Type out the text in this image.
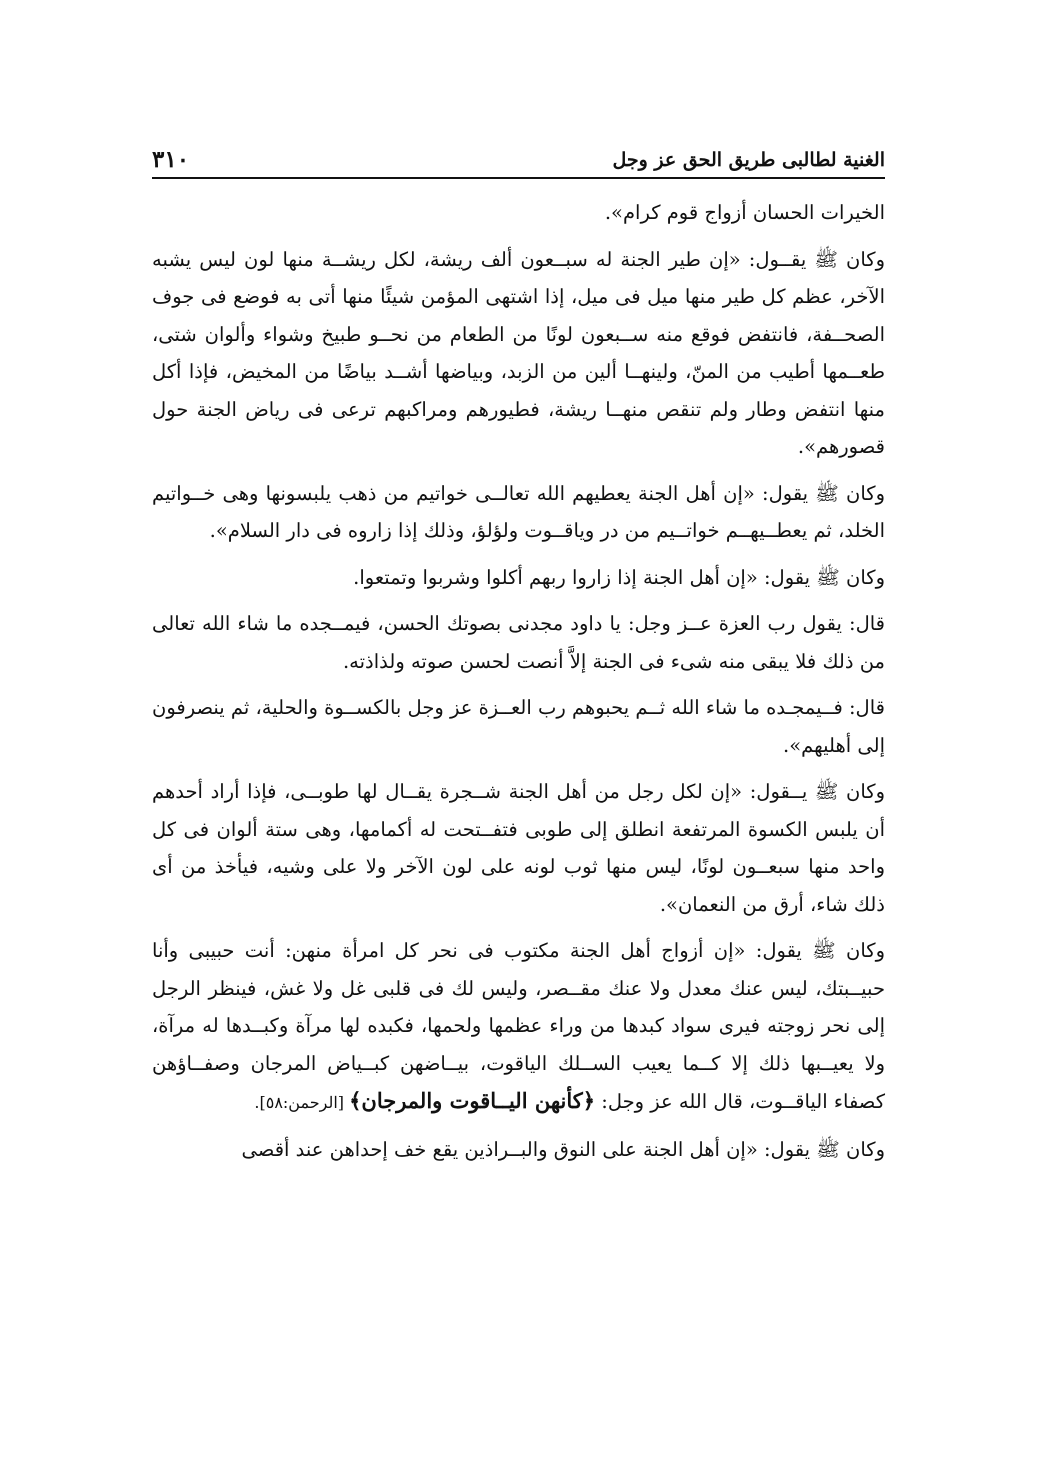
الغنية لطالبى طريق الحق عز وجل
٣١٠

الخيرات الحسان أزواج قوم كرام».

وكان ﷺ يقــول: «إن طير الجنة له سبــعون ألف ريشة، لكل ريشــة منها لون ليس يشبه الآخر، عظم كل طير منها ميل فى ميل، إذا اشتهى المؤمن شيئًا منها أتى به فوضع فى جوف الصحــفة، فانتفض فوقع منه ســبعون لونًا من الطعام من نحــو طبيخ وشواء وألوان شتى، طعــمها أطيب من المنّ، ولينهــا ألين من الزبد، وبياضها أشــد بياضًا من المخيض، فإذا أكل منها انتفض وطار ولم تنقص منهــا ريشة، فطيورهم ومراكبهم ترعى فى رياض الجنة حول قصورهم».

وكان ﷺ يقول: «إن أهل الجنة يعطيهم الله تعالــى خواتيم من ذهب يلبسونها وهى خــواتيم الخلد، ثم يعطــيهــم خواتــيم من در وياقــوت ولؤلؤ، وذلك إذا زاروه فى دار السلام».

وكان ﷺ يقول: «إن أهل الجنة إذا زاروا ربهم أكلوا وشربوا وتمتعوا.

قال: يقول رب العزة عــز وجل: يا داود مجدنى بصوتك الحسن، فيمــجده ما شاء الله تعالى من ذلك فلا يبقى منه شىء فى الجنة إلاَّ أنصت لحسن صوته ولذاذته.

قال: فــيمجـده ما شاء الله ثــم يحبوهم رب العــزة عز وجل بالكســوة والحلية، ثم ينصرفون إلى أهليهم».

وكان ﷺ يــقول: «إن لكل رجل من أهل الجنة شــجرة يقــال لها طوبــى، فإذا أراد أحدهم أن يلبس الكسوة المرتفعة انطلق إلى طوبى فتفــتحت له أكمامها، وهى ستة ألوان فى كل واحد منها سبعــون لونًا، ليس منها ثوب لونه على لون الآخر ولا على وشيه، فيأخذ من أى ذلك شاء، أرق من النعمان».

وكان ﷺ يقول: «إن أزواج أهل الجنة مكتوب فى نحر كل امرأة منهن: أنت حبيبى وأنا حبيــبتك، ليس عنك معدل ولا عنك مقــصر، وليس لك فى قلبى غل ولا غش، فينظر الرجل إلى نحر زوجته فيرى سواد كبدها من وراء عظمها ولحمها، فكبده لها مرآة وكبــدها له مرآة، ولا يعيــبها ذلك إلا كــما يعيب الســلك الياقوت، بيــاضهن كبــياض المرجان وصفــاؤهن كصفاء الياقــوت، قال الله عز وجل: ﴿كأنهن اليــاقوت والمرجان﴾ [الرحمن:٥٨].

وكان ﷺ يقول: «إن أهل الجنة على النوق والبــراذين يقع خف إحداهن عند أقصى
